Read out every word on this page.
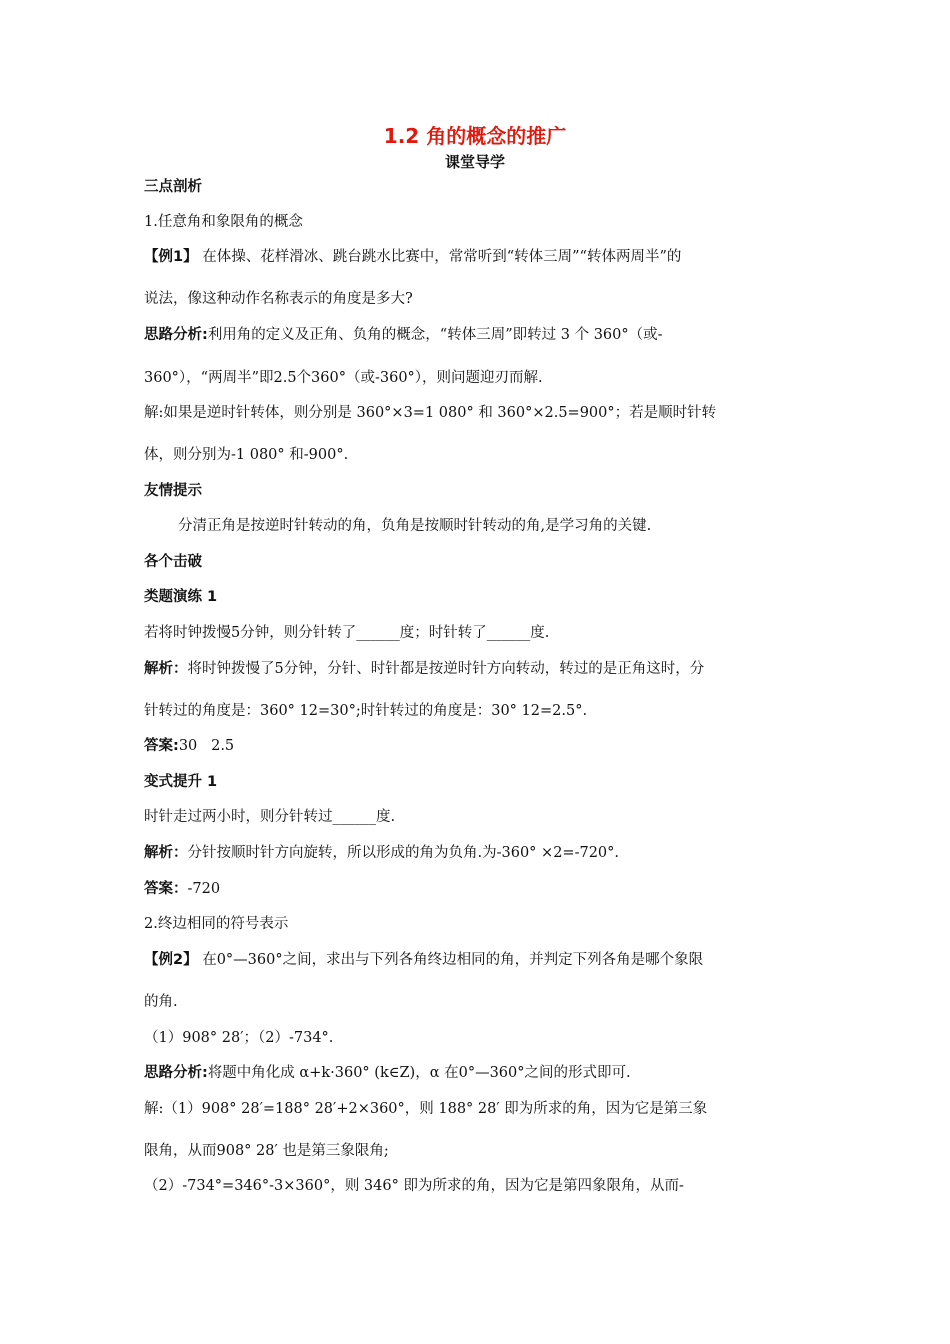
1.2 角的概念的推广
课堂导学
三点剖析
1.任意角和象限角的概念
【例1】 在体操、花样滑冰、跳台跳水比赛中，常常听到“转体三周”“转体两周半”的
说法，像这种动作名称表示的角度是多大?
思路分析:利用角的定义及正角、负角的概念，“转体三周”即转过 3 个 360°（或-
360°），“两周半”即2.5个360°（或-360°），则问题迎刃而解.
解:如果是逆时针转体，则分别是 360°×3=1 080° 和 360°×2.5=900°；若是顺时针转
体，则分别为-1 080° 和-900°.
友情提示
分清正角是按逆时针转动的角，负角是按顺时针转动的角,是学习角的关键.
各个击破
类题演练 1
若将时钟拨慢5分钟，则分针转了______度；时针转了______度.
解析：将时钟拨慢了5分钟，分针、时针都是按逆时针方向转动，转过的是正角这时，分
针转过的角度是：360° 12=30°;时针转过的角度是：30° 12=2.5°.
答案:30   2.5
变式提升 1
时针走过两小时，则分针转过______度.
解析：分针按顺时针方向旋转，所以形成的角为负角.为-360° ×2=-720°.
答案：-720
2.终边相同的符号表示
【例2】 在0°—360°之间，求出与下列各角终边相同的角，并判定下列各角是哪个象限
的角.
（1）908° 28′；（2）-734°.
思路分析:将题中角化成 α+k·360° (k∈Z)，α 在0°—360°之间的形式即可.
解:（1）908° 28′=188° 28′+2×360°，则 188° 28′ 即为所求的角，因为它是第三象
限角，从而908° 28′ 也是第三象限角;
（2）-734°=346°-3×360°，则 346° 即为所求的角，因为它是第四象限角，从而-
